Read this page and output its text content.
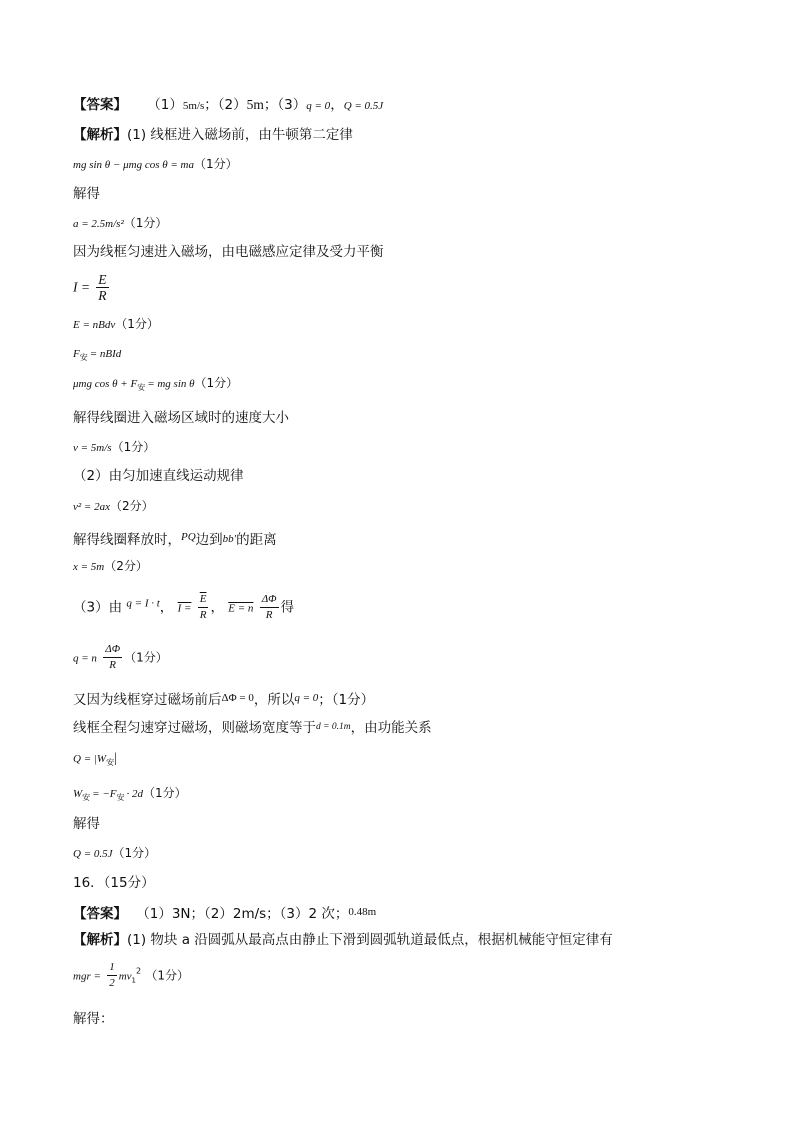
【答案】 （1）5m/s；（2）5m；（3）q = 0，Q = 0.5J
【解析】(1) 线框进入磁场前，由牛顿第二定律
mg sin θ − μmg cos θ = ma（1分）
解得
a = 2.5m/s²（1分）
因为线框匀速进入磁场，由电磁感应定律及受力平衡
$I = \frac{E}{R}$
E = nBdv（1分）
$F_安$ = nBId
μmg $\cos \theta + F_安$ = mg sin θ（1分）
解得线圈进入磁场区域时的速度大小
v = 5m/s（1分）
（2）由匀加速直线运动规律
v² = 2ax（2分）
解得线圈释放时，$^{PQ}$边到bb′的距离
x = 5m（2分）
（3）由 $^{q = I \cdot t}$， $I = \frac{\overline{E}}{R}$ ， E = n $\frac{\Delta\Phi}{R}$ 得
q = n $\frac{\Delta\Phi}{R} (1$分）
又因为线框穿过磁场前后$^{\Delta\Phi = 0}$，所以$^{q = 0}$；（1分）
线框全程匀速穿过磁场，则磁场宽度等于$^{d = 0.1m}$，由功能关系
$Q = |W_安|$
$W_安 = -F_安 \cdot 2d(1$分）
解得
Q = 0.5J（1分）
16．（15分）
【答案】 （1）3N；（2）2m/s；（3）2 次；$^{0.48m}$
【解析】(1) 物块 a 沿圆弧从最高点由静止下滑到圆弧轨道最低点，根据机械能守恒定律有
mgr = $\frac{1}{2} mv_1^2$ （1分）
解得：
